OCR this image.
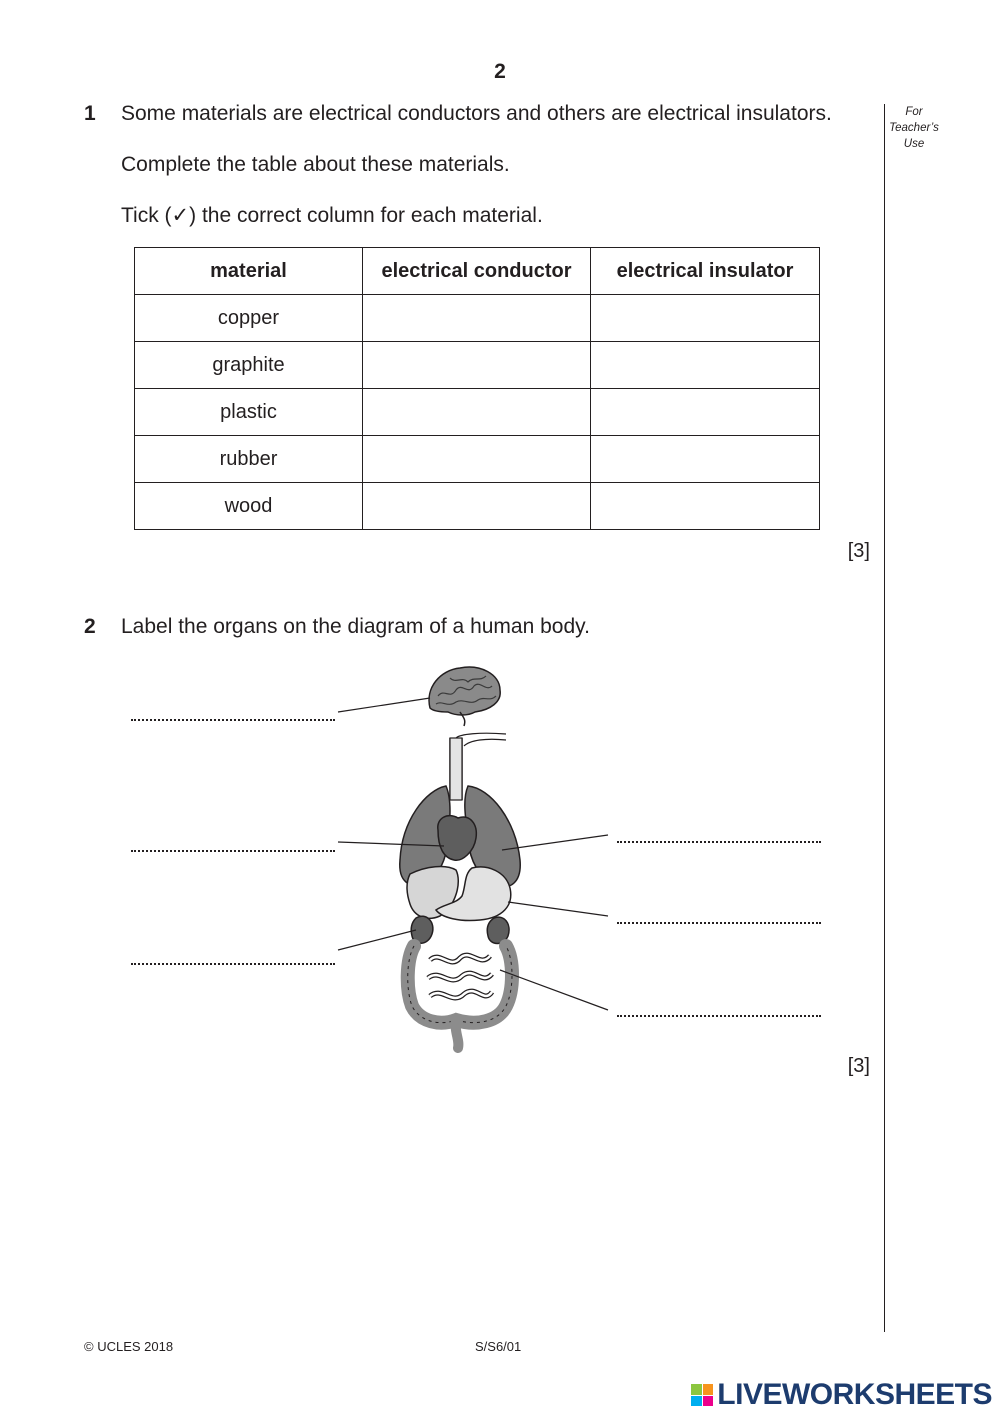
2
For
Teacher’s
Use
1 Some materials are electrical conductors and others are electrical insulators.
Complete the table about these materials.
Tick (✓) the correct column for each material.
material	electrical conductor	electrical insulator
copper		
graphite		
plastic		
rubber		
wood		
[3]
2 Label the organs on the diagram of a human body.
[3]
© UCLES 2018	S/S6/01
LIVEWORKSHEETS
